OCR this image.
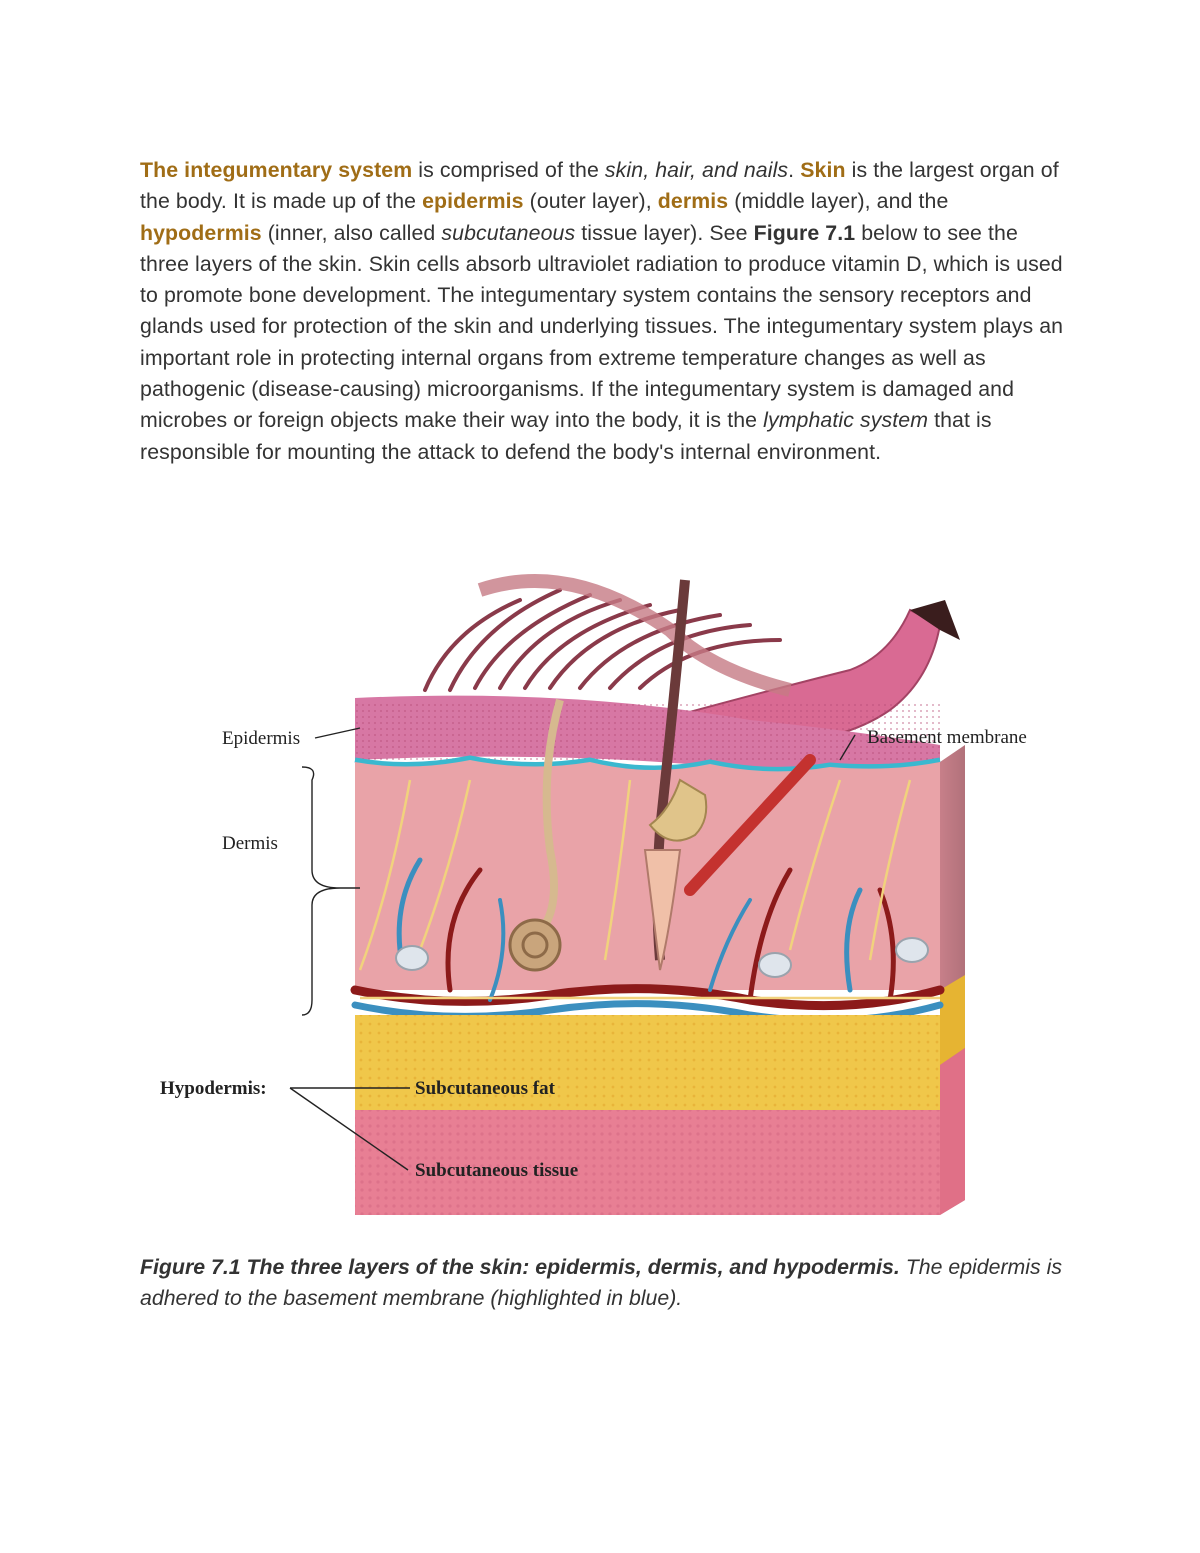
The integumentary system is comprised of the skin, hair, and nails. Skin is the largest organ of the body. It is made up of the epidermis (outer layer), dermis (middle layer), and the hypodermis (inner, also called subcutaneous tissue layer). See Figure 7.1 below to see the three layers of the skin. Skin cells absorb ultraviolet radiation to produce vitamin D, which is used to promote bone development. The integumentary system contains the sensory receptors and glands used for protection of the skin and underlying tissues. The integumentary system plays an important role in protecting internal organs from extreme temperature changes as well as pathogenic (disease-causing) microorganisms. If the integumentary system is damaged and microbes or foreign objects make their way into the body, it is the lymphatic system that is responsible for mounting the attack to defend the body's internal environment.
Epidermis
Dermis
Hypodermis:
Basement membrane
Subcutaneous fat
Subcutaneous tissue
Figure 7.1 The three layers of the skin: epidermis, dermis, and hypodermis. The epidermis is adhered to the basement membrane (highlighted in blue).
